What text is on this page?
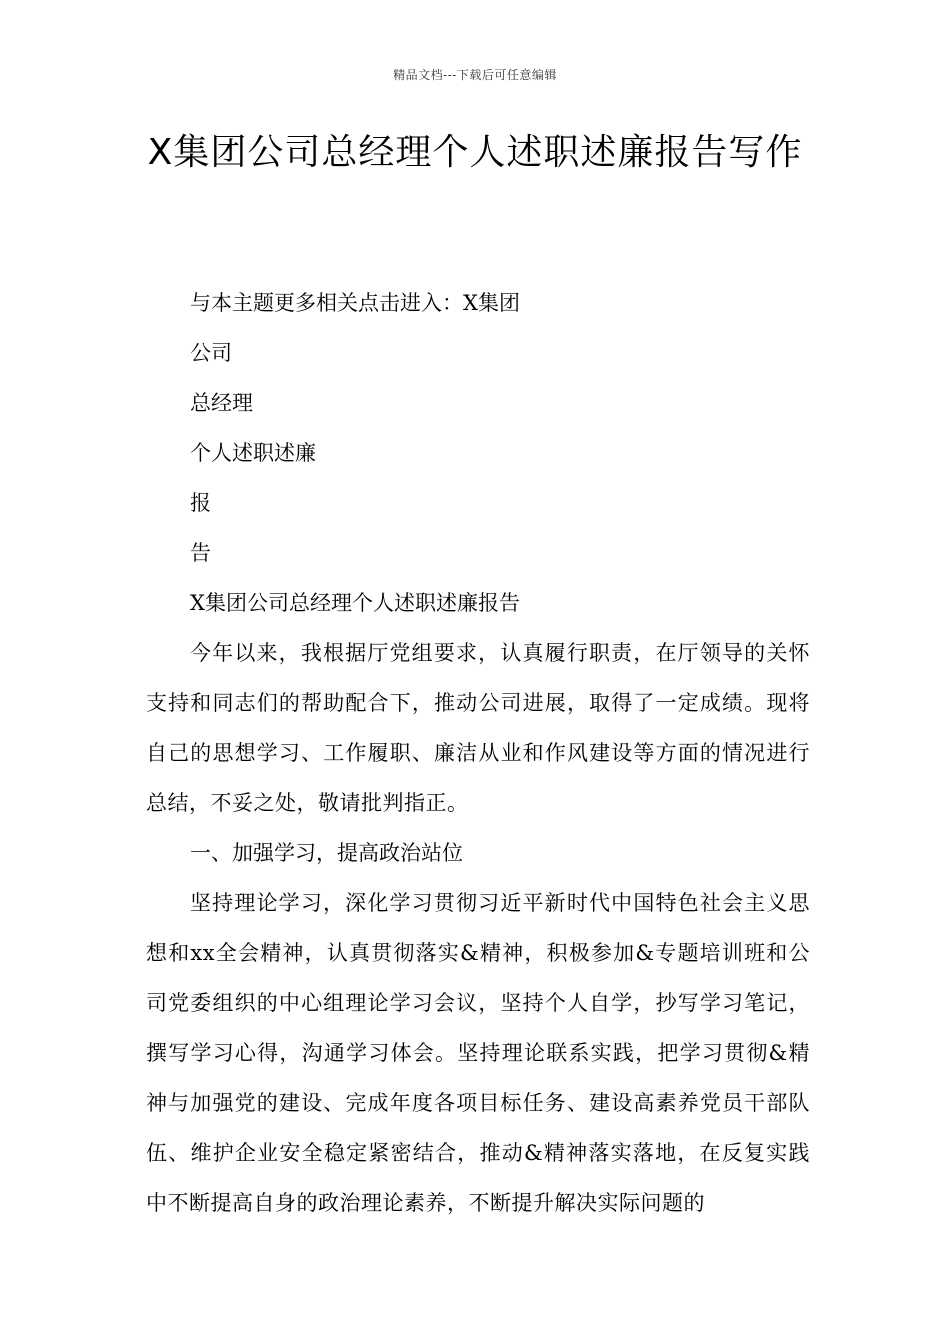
精品文档---下载后可任意编辑
X集团公司总经理个人述职述廉报告写作

与本主题更多相关点击进入：X集团

公司

总经理

个人述职述廉

报

告

X集团公司总经理个人述职述廉报告

今年以来，我根据厅党组要求，认真履行职责，在厅领导的关怀支持和同志们的帮助配合下，推动公司进展，取得了一定成绩。现将自己的思想学习、工作履职、廉洁从业和作风建设等方面的情况进行总结，不妥之处，敬请批判指正。

一、加强学习，提高政治站位

坚持理论学习，深化学习贯彻习近平新时代中国特色社会主义思想和xx全会精神，认真贯彻落实&精神，积极参加&专题培训班和公司党委组织的中心组理论学习会议，坚持个人自学，抄写学习笔记，撰写学习心得，沟通学习体会。坚持理论联系实践，把学习贯彻&精神与加强党的建设、完成年度各项目标任务、建设高素养党员干部队伍、维护企业安全稳定紧密结合，推动&精神落实落地，在反复实践中不断提高自身的政治理论素养，不断提升解决实际问题的
